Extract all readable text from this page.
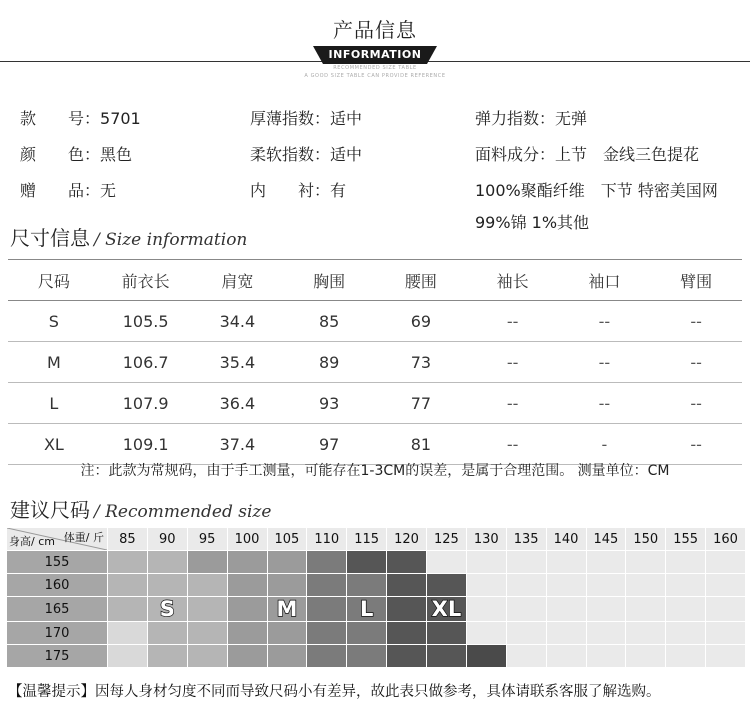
产品信息
INFORMATION
RECOMMENDED SIZE TABLE
A GOOD SIZE TABLE CAN PROVIDE REFERENCE
款　　号：5701
颜　　色：黑色
赠　　品：无
厚薄指数：适中
柔软指数：适中
内　　衬：有
弹力指数：无弹
面料成分：上节　金线三色提花
100%聚酯纤维　下节 特密美国网
99%锦 1%其他
尺寸信息 / Size information
尺码	前衣长	肩宽	胸围	腰围	袖长	袖口	臂围
S	105.5	34.4	85	69	--	--	--
M	106.7	35.4	89	73	--	--	--
L	107.9	36.4	93	77	--	--	--
XL	109.1	37.4	97	81	--	-	--
注：此款为常规码，由于手工测量，可能存在1-3CM的误差，是属于合理范围。 测量单位：CM
建议尺码 / Recommended size
体重/ 斤
身高/ cm	85	90	95	100	105	110	115	120	125	130	135	140	145	150	155	160
155																
160																
165		S			M		L		XL							
170																
175																
【温馨提示】因每人身材匀度不同而导致尺码小有差异，故此表只做参考，具体请联系客服了解选购。
